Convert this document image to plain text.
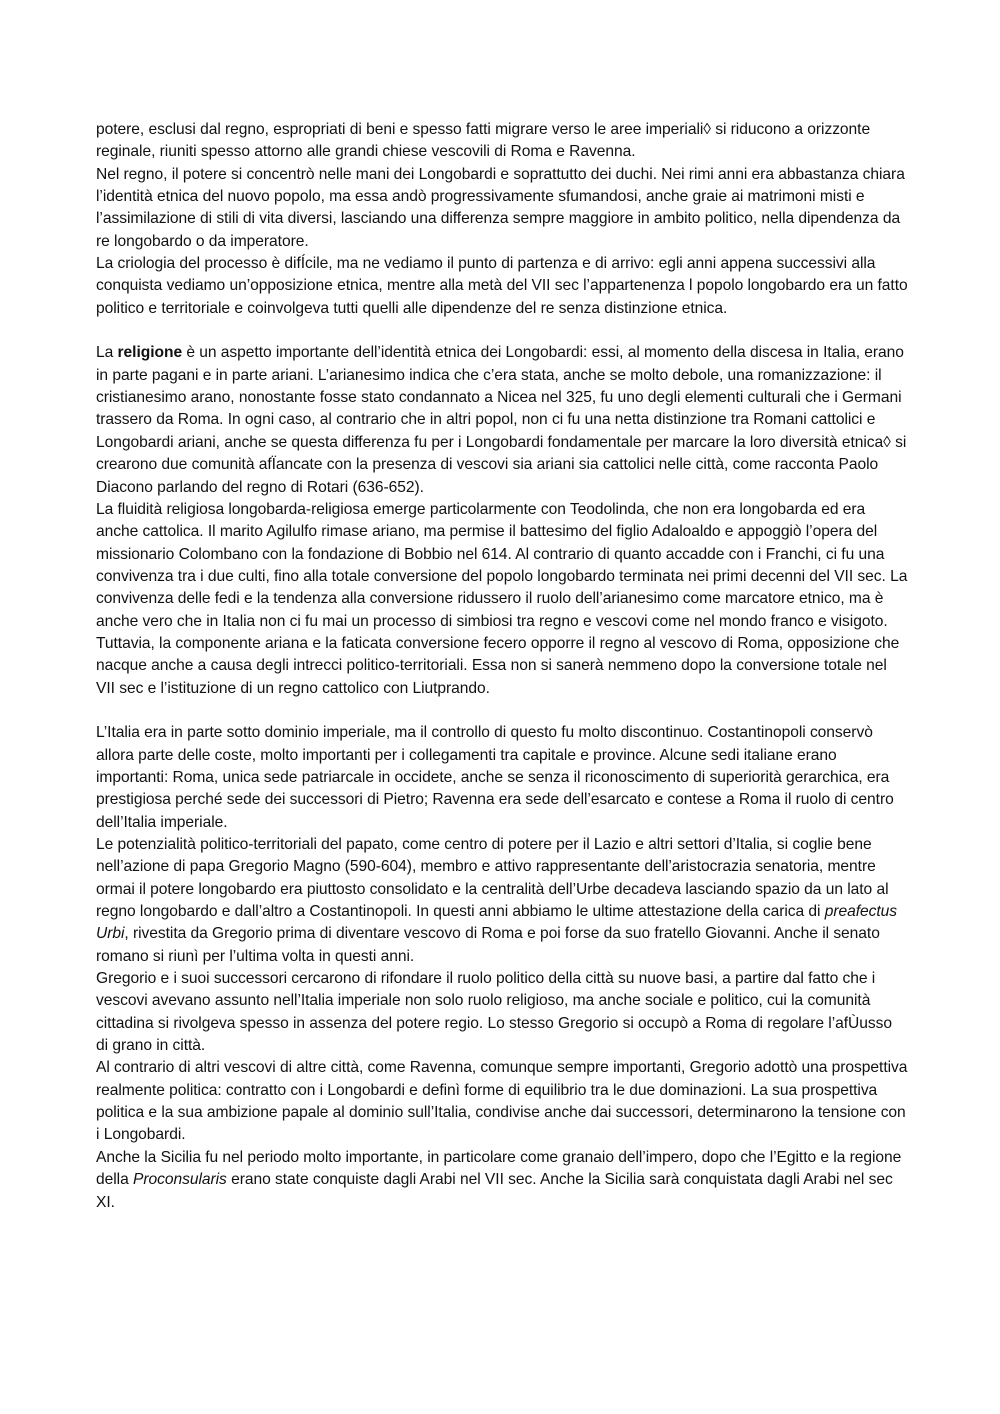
potere, esclusi dal regno, espropriati di beni e spesso fatti migrare verso le aree imperiali◊ si riducono a orizzonte reginale, riuniti spesso attorno alle grandi chiese vescovili di Roma e Ravenna.

Nel regno, il potere si concentrò nelle mani dei Longobardi e soprattutto dei duchi. Nei rimi anni era abbastanza chiara l’identità etnica del nuovo popolo, ma essa andò progressivamente sfumandosi, anche graie ai matrimoni misti e l’assimilazione di stili di vita diversi, lasciando una differenza sempre maggiore in ambito politico, nella dipendenza da re longobardo o da imperatore.

La criologia del processo è difÍcile, ma ne vediamo il punto di partenza e di arrivo: egli anni appena successivi alla conquista vediamo un’opposizione etnica, mentre alla metà del VII sec l’appartenenza l popolo longobardo era un fatto politico e territoriale e coinvolgeva tutti quelli alle dipendenze del re senza distinzione etnica.

La religione è un aspetto importante dell’identità etnica dei Longobardi: essi, al momento della discesa in Italia, erano in parte pagani e in parte ariani. L’arianesimo indica che c’era stata, anche se molto debole, una romanizzazione: il cristianesimo arano, nonostante fosse stato condannato a Nicea nel 325, fu uno degli elementi culturali che i Germani trassero da Roma. In ogni caso, al contrario che in altri popol, non ci fu una netta distinzione tra Romani cattolici e Longobardi ariani, anche se questa differenza fu per i Longobardi fondamentale per marcare la loro diversità etnica◊ si crearono due comunità afÏancate con la presenza di vescovi sia ariani sia cattolici nelle città, come racconta Paolo Diacono parlando del regno di Rotari (636-652).

La fluidità religiosa longobarda-religiosa emerge particolarmente con Teodolinda, che non era longobarda ed era anche cattolica. Il marito Agilulfo rimase ariano, ma permise il battesimo del figlio Adaloaldo e appoggiò l’opera del missionario Colombano con la fondazione di Bobbio nel 614. Al contrario di quanto accadde con i Franchi, ci fu una convivenza tra i due culti, fino alla totale conversione del popolo longobardo terminata nei primi decenni del VII sec. La convivenza delle fedi e la tendenza alla conversione ridussero il ruolo dell’arianesimo come marcatore etnico, ma è anche vero che in Italia non ci fu mai un processo di simbiosi tra regno e vescovi come nel mondo franco e visigoto.

Tuttavia, la componente ariana e la faticata conversione fecero opporre il regno al vescovo di Roma, opposizione che nacque anche a causa degli intrecci politico-territoriali. Essa non si sanerà nemmeno dopo la conversione totale nel VII sec e l’istituzione di un regno cattolico con Liutprando.

L’Italia era in parte sotto dominio imperiale, ma il controllo di questo fu molto discontinuo. Costantinopoli conservò allora parte delle coste, molto importanti per i collegamenti tra capitale e province. Alcune sedi italiane erano importanti: Roma, unica sede patriarcale in occidete, anche se senza il riconoscimento di superiorità gerarchica, era prestigiosa perché sede dei successori di Pietro; Ravenna era sede dell’esarcato e contese a Roma il ruolo di centro dell’Italia imperiale.

Le potenzialità politico-territoriali del papato, come centro di potere per il Lazio e altri settori d’Italia, si coglie bene nell’azione di papa Gregorio Magno (590-604), membro e attivo rappresentante dell’aristocrazia senatoria, mentre ormai il potere longobardo era piuttosto consolidato e la centralità dell’Urbe decadeva lasciando spazio da un lato al regno longobardo e dall’altro a Costantinopoli. In questi anni abbiamo le ultime attestazione della carica di preafectus Urbi, rivestita da Gregorio prima di diventare vescovo di Roma e poi forse da suo fratello Giovanni. Anche il senato romano si riunì per l’ultima volta in questi anni.

Gregorio e i suoi successori cercarono di rifondare il ruolo politico della città su nuove basi, a partire dal fatto che i vescovi avevano assunto nell’Italia imperiale non solo ruolo religioso, ma anche sociale e politico, cui la comunità cittadina si rivolgeva spesso in assenza del potere regio. Lo stesso Gregorio si occupò a Roma di regolare l’afÙusso di grano in città.

Al contrario di altri vescovi di altre città, come Ravenna, comunque sempre importanti, Gregorio adottò una prospettiva realmente politica: contratto con i Longobardi e definì forme di equilibrio tra le due dominazioni. La sua prospettiva politica e la sua ambizione papale al dominio sull’Italia, condivise anche dai successori, determinarono la tensione con i Longobardi.

Anche la Sicilia fu nel periodo molto importante, in particolare come granaio dell’impero, dopo che l’Egitto e la regione della Proconsularis erano state conquiste dagli Arabi nel VII sec. Anche la Sicilia sarà conquistata dagli Arabi nel sec XI.
